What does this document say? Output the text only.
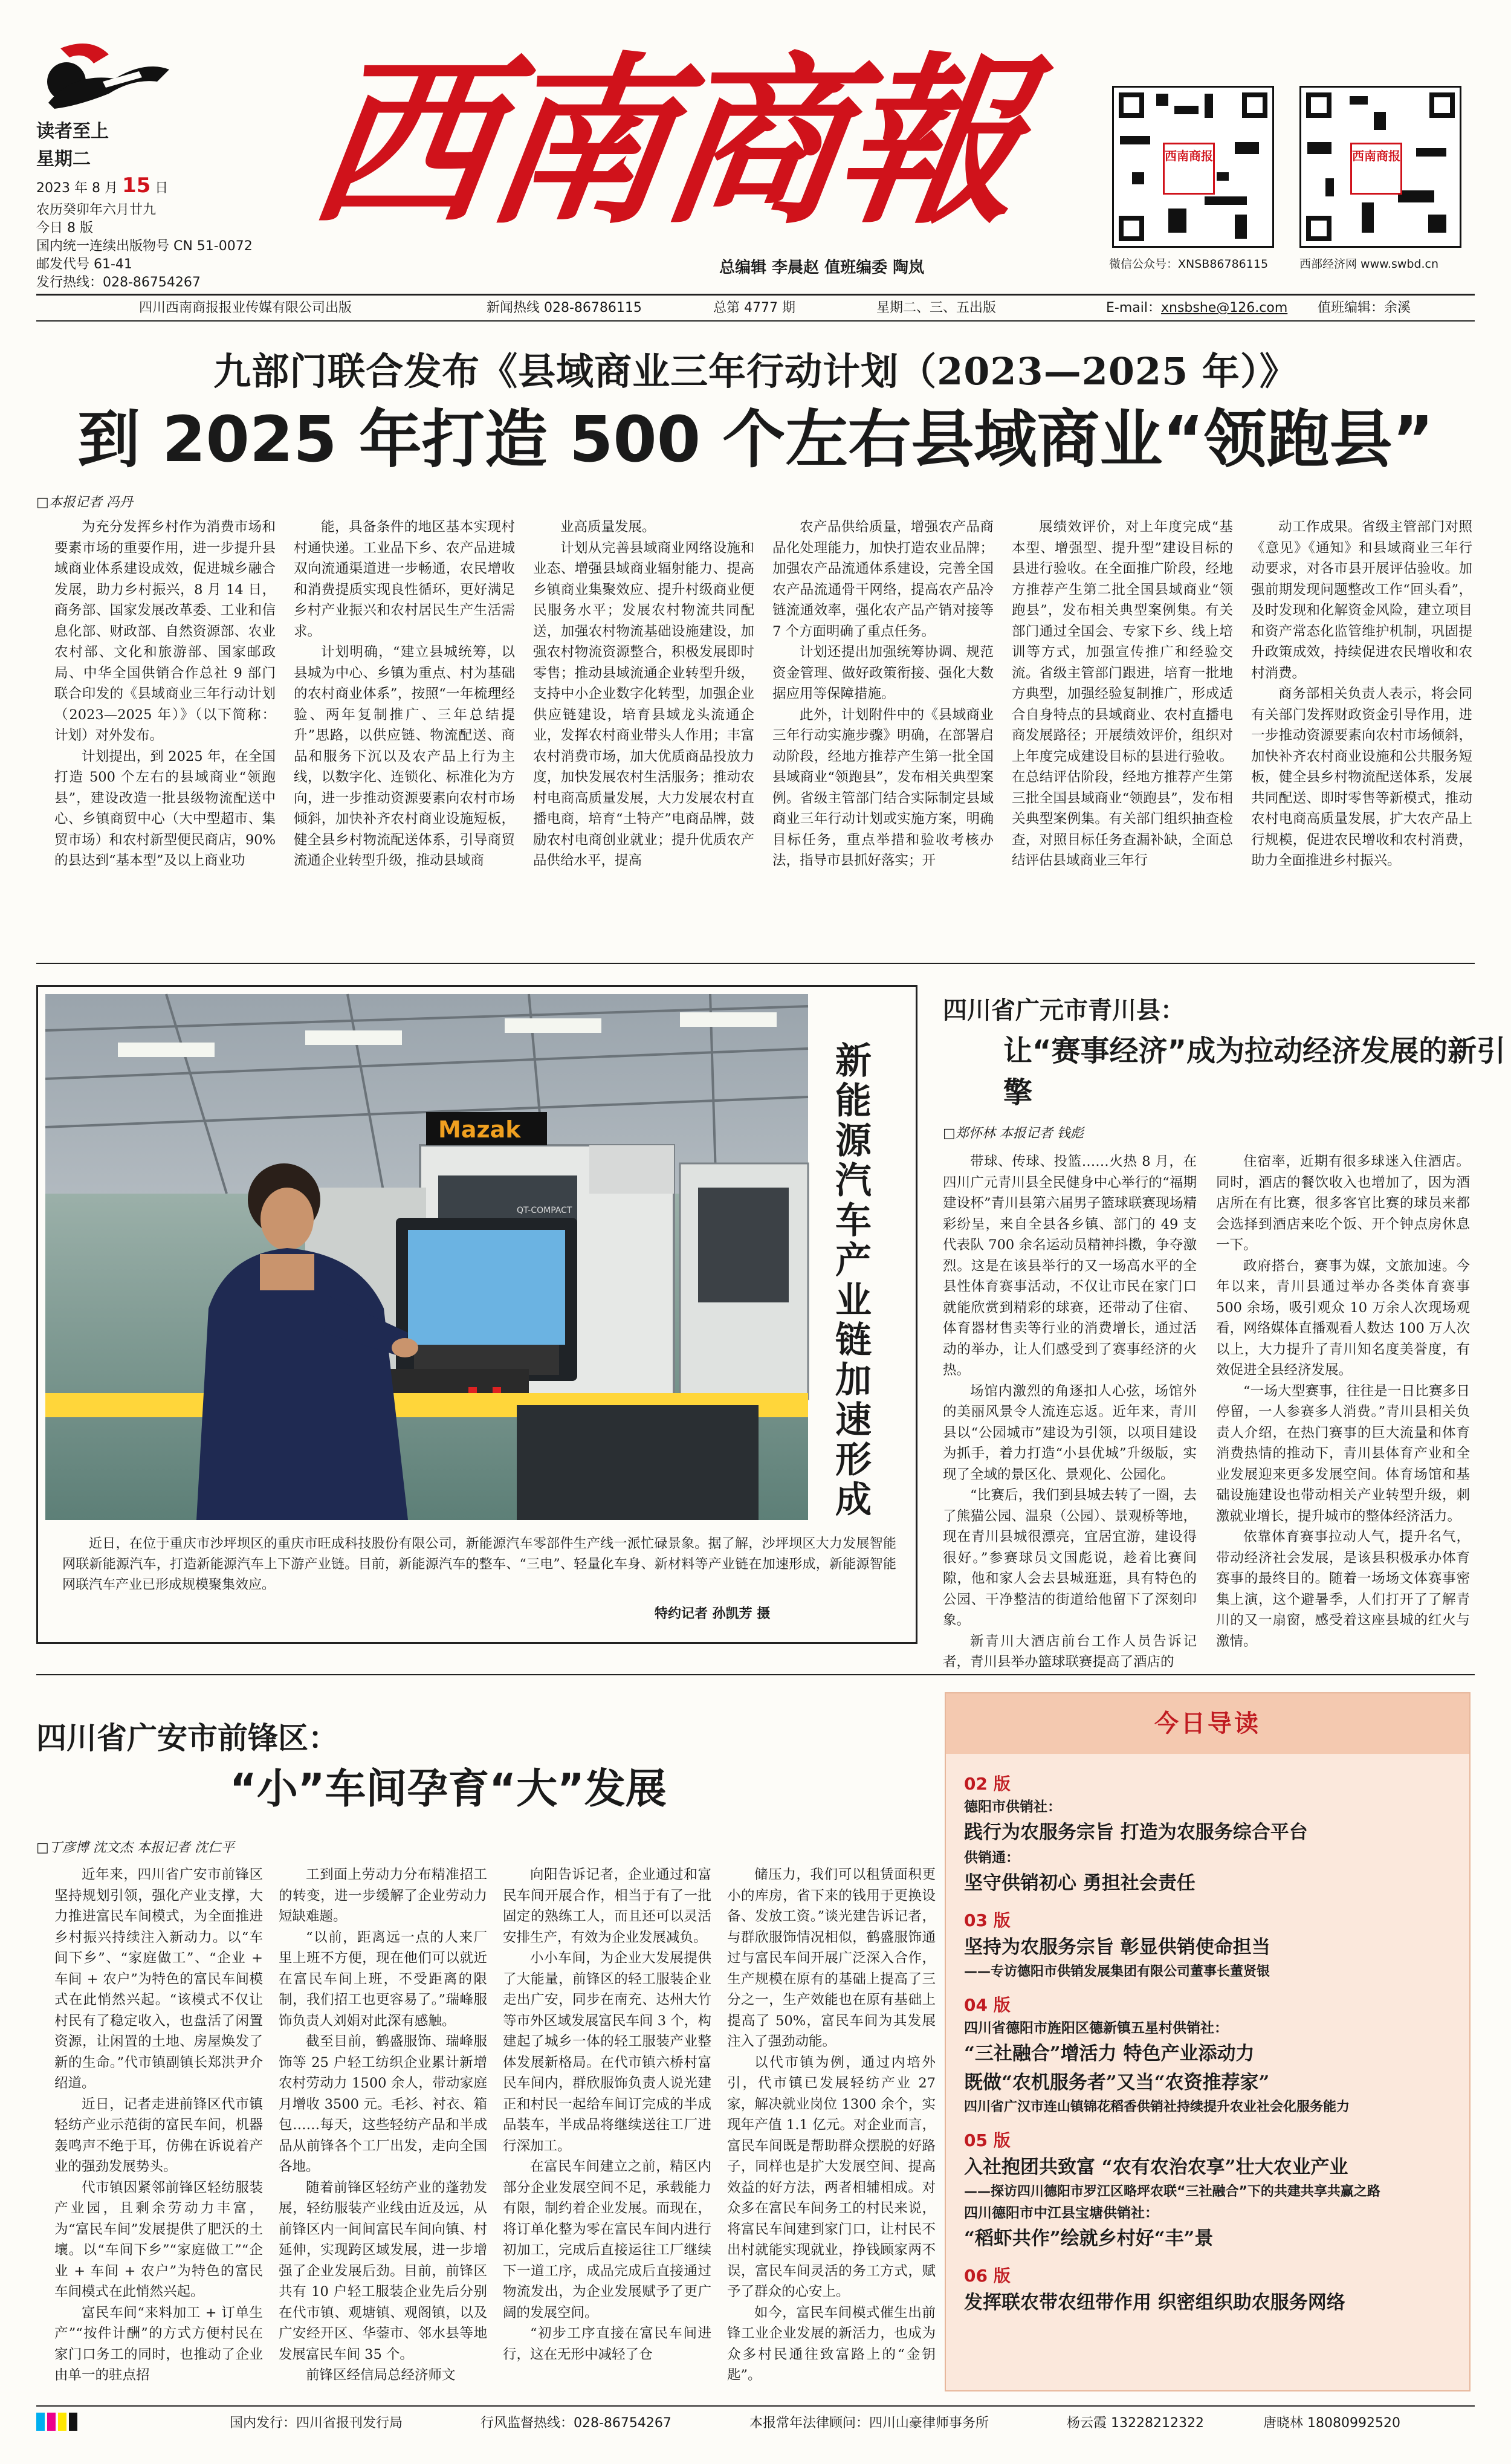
读者至上
星期二
2023 年 8 月 15 日
农历癸卯年六月廿九
今日 8 版
国内统一连续出版物号 CN 51-0072
邮发代号 61-41
发行热线：028-86754267
西南商報
总编辑 李晨赵 值班编委 陶岚
西南商报	西南商报
微信公众号：XNSB86786115	西部经济网 www.swbd.cn
四川西南商报报业传媒有限公司出版	新闻热线 028-86786115	总第 4777 期	星期二、三、五出版	E-mail：xnsbshe@126.com 值班编辑：余溪
九部门联合发布《县域商业三年行动计划（2023—2025 年）》
到 2025 年打造 500 个左右县域商业“领跑县”
□本报记者 冯丹

为充分发挥乡村作为消费市场和要素市场的重要作用，进一步提升县域商业体系建设成效，促进城乡融合发展，助力乡村振兴，8 月 14 日，商务部、国家发展改革委、工业和信息化部、财政部、自然资源部、农业农村部、文化和旅游部、国家邮政局、中华全国供销合作总社 9 部门联合印发的《县域商业三年行动计划（2023—2025 年）》（以下简称：计划）对外发布。

计划提出，到 2025 年，在全国打造 500 个左右的县域商业“领跑县”，建设改造一批县级物流配送中心、乡镇商贸中心（大中型超市、集贸市场）和农村新型便民商店，90% 的县达到“基本型”及以上商业功

能，具备条件的地区基本实现村村通快递。工业品下乡、农产品进城双向流通渠道进一步畅通，农民增收和消费提质实现良性循环，更好满足乡村产业振兴和农村居民生产生活需求。

计划明确，“建立县城统筹，以县城为中心、乡镇为重点、村为基础的农村商业体系”，按照“一年梳理经验、两年复制推广、三年总结提升”思路，以供应链、物流配送、商品和服务下沉以及农产品上行为主线，以数字化、连锁化、标准化为方向，进一步推动资源要素向农村市场倾斜，加快补齐农村商业设施短板，健全县乡村物流配送体系，引导商贸流通企业转型升级，推动县域商

业高质量发展。

计划从完善县域商业网络设施和业态、增强县域商业辐射能力、提高乡镇商业集聚效应、提升村级商业便民服务水平；发展农村物流共同配送，加强农村物流基础设施建设，加强农村物流资源整合，积极发展即时零售；推动县域流通企业转型升级，支持中小企业数字化转型，加强企业供应链建设，培育县域龙头流通企业，发挥农村商业带头人作用；丰富农村消费市场，加大优质商品投放力度，加快发展农村生活服务；推动农村电商高质量发展，大力发展农村直播电商，培育“土特产”电商品牌，鼓励农村电商创业就业；提升优质农产品供给水平，提高

农产品供给质量，增强农产品商品化处理能力，加快打造农业品牌；加强农产品流通体系建设，完善全国农产品流通骨干网络，提高农产品冷链流通效率，强化农产品产销对接等 7 个方面明确了重点任务。

计划还提出加强统筹协调、规范资金管理、做好政策衔接、强化大数据应用等保障措施。

此外，计划附件中的《县域商业三年行动实施步骤》明确，在部署启动阶段，经地方推荐产生第一批全国县域商业“领跑县”，发布相关典型案例。省级主管部门结合实际制定县域商业三年行动计划或实施方案，明确目标任务，重点举措和验收考核办法，指导市县抓好落实；开

展绩效评价，对上年度完成“基本型、增强型、提升型”建设目标的县进行验收。在全面推广阶段，经地方推荐产生第二批全国县域商业“领跑县”，发布相关典型案例集。有关部门通过全国会、专家下乡、线上培训等方式，加强宣传推广和经验交流。省级主管部门跟进，培育一批地方典型，加强经验复制推广，形成适合自身特点的县域商业、农村直播电商发展路径；开展绩效评价，组织对上年度完成建设目标的县进行验收。在总结评估阶段，经地方推荐产生第三批全国县域商业“领跑县”，发布相关典型案例集。有关部门组织抽查检查，对照目标任务查漏补缺，全面总结评估县域商业三年行

动工作成果。省级主管部门对照《意见》《通知》和县域商业三年行动要求，对各市县开展评估验收。加强前期发现问题整改工作“回头看”，及时发现和化解资金风险，建立项目和资产常态化监管维护机制，巩固提升政策成效，持续促进农民增收和农村消费。

商务部相关负责人表示，将会同有关部门发挥财政资金引导作用，进一步推动资源要素向农村市场倾斜，加快补齐农村商业设施和公共服务短板，健全县乡村物流配送体系，发展共同配送、即时零售等新模式，推动农村电商高质量发展，扩大农产品上行规模，促进农民增收和农村消费，助力全面推进乡村振兴。

Mazak
QT-COMPACT	新能源汽车产业链加速形成
近日，在位于重庆市沙坪坝区的重庆市旺成科技股份有限公司，新能源汽车零部件生产线一派忙碌景象。据了解，沙坪坝区大力发展智能网联新能源汽车，打造新能源汽车上下游产业链。目前，新能源汽车的整车、“三电”、轻量化车身、新材料等产业链在加速形成，新能源智能网联汽车产业已形成规模聚集效应。
特约记者 孙凯芳 摄
四川省广元市青川县：
让“赛事经济”成为拉动经济发展的新引擎
□郑怀林 本报记者 钱彪

带球、传球、投篮……火热 8 月，在四川广元青川县全民健身中心举行的“福期建设杯”青川县第六届男子篮球联赛现场精彩纷呈，来自全县各乡镇、部门的 49 支代表队 700 余名运动员精神抖擞，争夺激烈。这是在该县举行的又一场高水平的全县性体育赛事活动，不仅让市民在家门口就能欣赏到精彩的球赛，还带动了住宿、体育器材售卖等行业的消费增长，通过活动的举办，让人们感受到了赛事经济的火热。

场馆内激烈的角逐扣人心弦，场馆外的美丽风景令人流连忘返。近年来，青川县以“公园城市”建设为引领，以项目建设为抓手，着力打造“小县优城”升级版，实现了全域的景区化、景观化、公园化。

“比赛后，我们到县城去转了一圈，去了熊猫公园、温泉（公园）、景观桥等地，现在青川县城很漂亮，宜居宜游，建设得很好。”参赛球员文国彪说，趁着比赛间隙，他和家人会去县城逛逛，具有特色的公园、干净整洁的街道给他留下了深刻印象。

新青川大酒店前台工作人员告诉记者，青川县举办篮球联赛提高了酒店的

住宿率，近期有很多球迷入住酒店。同时，酒店的餐饮收入也增加了，因为酒店所在有比赛，很多客官比赛的球员来都会选择到酒店来吃个饭、开个钟点房休息一下。

政府搭台，赛事为媒，文旅加速。今年以来，青川县通过举办各类体育赛事 500 余场，吸引观众 10 万余人次现场观看，网络媒体直播观看人数达 100 万人次以上，大力提升了青川知名度美誉度，有效促进全县经济发展。

“一场大型赛事，往往是一日比赛多日停留，一人参赛多人消费。”青川县相关负责人介绍，在热门赛事的巨大流量和体育消费热情的推动下，青川县体育产业和全业发展迎来更多发展空间。体育场馆和基础设施建设也带动相关产业转型升级，刺激就业增长，提升城市的整体经济活力。

依靠体育赛事拉动人气，提升名气，带动经济社会发展，是该县积极承办体育赛事的最终目的。随着一场场文体赛事密集上演，这个避暑季，人们打开了了解青川的又一扇窗，感受着这座县城的红火与激情。

四川省广安市前锋区：
“小”车间孕育“大”发展
□丁彦博 沈文杰 本报记者 沈仁平

近年来，四川省广安市前锋区坚持规划引领，强化产业支撑，大力推进富民车间模式，为全面推进乡村振兴持续注入新动力。以“车间下乡”、“家庭做工”、“企业 + 车间 + 农户”为特色的富民车间模式在此悄然兴起。“该模式不仅让村民有了稳定收入，也盘活了闲置资源，让闲置的土地、房屋焕发了新的生命。”代市镇副镇长郑洪尹介绍道。

近日，记者走进前锋区代市镇轻纺产业示范街的富民车间，机器轰鸣声不绝于耳，仿佛在诉说着产业的强劲发展势头。

代市镇因紧邻前锋区轻纺服装产业园，且剩余劳动力丰富，为“富民车间”发展提供了肥沃的土壤。以“车间下乡”“家庭做工”“企业 + 车间 + 农户”为特色的富民车间模式在此悄然兴起。

富民车间“来料加工 + 订单生产”“按件计酬”的方式方便村民在家门口务工的同时，也推动了企业由单一的驻点招

工到面上劳动力分布精准招工的转变，进一步缓解了企业劳动力短缺难题。

“以前，距离远一点的人来厂里上班不方便，现在他们可以就近在富民车间上班，不受距离的限制，我们招工也更容易了。”瑞峰服饰负责人刘娟对此深有感触。

截至目前，鹤盛服饰、瑞峰服饰等 25 户轻工纺织企业累计新增农村劳动力 1500 余人，带动家庭月增收 3500 元。毛衫、衬衣、箱包……每天，这些轻纺产品和半成品从前锋各个工厂出发，走向全国各地。

随着前锋区轻纺产业的蓬勃发展，轻纺服装产业线由近及远，从前锋区内一间间富民车间向镇、村延伸，实现跨区域发展，进一步增强了企业发展后劲。目前，前锋区共有 10 户轻工服装企业先后分别在代市镇、观塘镇、观阁镇，以及广安经开区、华蓥市、邻水县等地发展富民车间 35 个。

前锋区经信局总经济师文

向阳告诉记者，企业通过和富民车间开展合作，相当于有了一批固定的熟练工人，而且还可以灵活安排生产，有效为企业发展减负。

小小车间，为企业大发展提供了大能量，前锋区的轻工服装企业走出广安，同步在南充、达州大竹等市外区域发展富民车间 3 个，构建起了城乡一体的轻工服装产业整体发展新格局。在代市镇六桥村富民车间内，群欣服饰负责人说光建正和村民一起给车间订完成的半成品装车，半成品将继续送往工厂进行深加工。

在富民车间建立之前，精区内部分企业发展空间不足，承载能力有限，制约着企业发展。而现在，将订单化整为零在富民车间内进行初加工，完成后直接运往工厂继续下一道工序，成品完成后直接通过物流发出，为企业发展赋予了更广阔的发展空间。

“初步工序直接在富民车间进行，这在无形中减轻了仓

储压力，我们可以租赁面积更小的库房，省下来的钱用于更换设备、发放工资。”谈光建告诉记者，与群欣服饰情况相似，鹤盛服饰通过与富民车间开展广泛深入合作，生产规模在原有的基础上提高了三分之一，生产效能也在原有基础上提高了 50%，富民车间为其发展注入了强劲动能。

以代市镇为例，通过内培外引，代市镇已发展轻纺产业 27 家，解决就业岗位 1300 余个，实现年产值 1.1 亿元。对企业而言，富民车间既是帮助群众摆脱的好路子，同样也是扩大发展空间、提高效益的好方法，两者相辅相成。对众多在富民车间务工的村民来说，将富民车间建到家门口，让村民不出村就能实现就业，挣钱顾家两不误，富民车间灵活的务工方式，赋予了群众的心安上。

如今，富民车间模式催生出前锋工业企业发展的新活力，也成为众多村民通往致富路上的“金钥匙”。

今日导读
02 版
德阳市供销社：
践行为农服务宗旨 打造为农服务综合平台
供销通：
坚守供销初心 勇担社会责任
03 版
坚持为农服务宗旨 彰显供销使命担当
——专访德阳市供销发展集团有限公司董事长董贤银
04 版
四川省德阳市旌阳区德新镇五星村供销社：
“三社融合”增活力 特色产业添动力
既做“农机服务者”又当“农资推荐家”
四川省广汉市连山镇锦花稻香供销社持续提升农业社会化服务能力
05 版
入社抱团共致富 “农有农治农享”壮大农业产业
——探访四川德阳市罗江区略坪农联“三社融合”下的共建共享共赢之路
四川德阳市中江县宝塘供销社：
“稻虾共作”绘就乡村好“丰”景
06 版
发挥联农带农纽带作用 织密组织助农服务网络
国内发行：四川省报刊发行局	行风监督热线：028-86754267	本报常年法律顾问：四川山豪律师事务所	杨云霞 13228212322	唐晓林 18080992520
